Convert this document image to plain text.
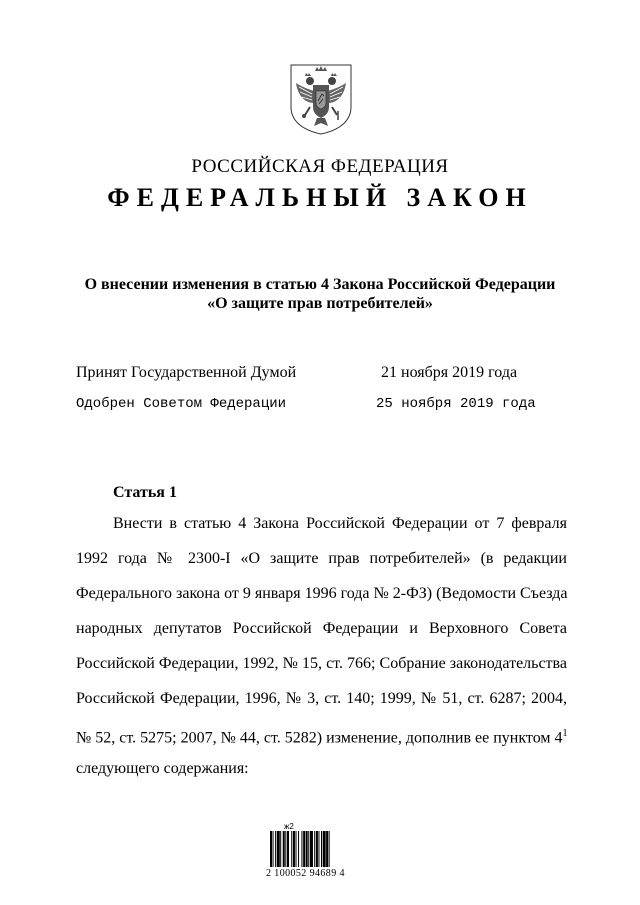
РОССИЙСКАЯ ФЕДЕРАЦИЯ
ФЕДЕРАЛЬНЫЙ ЗАКОН
О внесении изменения в статью 4 Закона Российской Федерации
«О защите прав потребителей»
Принят Государственной Думой	21 ноября 2019 года
Одобрен Советом Федерации	25 ноября 2019 года
Статья 1
Внести в статью 4 Закона Российской Федерации от 7 февраля
1992 года № 2300-I «О защите прав потребителей» (в редакции
Федерального закона от 9 января 1996 года № 2-ФЗ) (Ведомости Съезда
народных депутатов Российской Федерации и Верховного Совета
Российской Федерации, 1992, № 15, ст. 766; Собрание законодательства
Российской Федерации, 1996, № 3, ст. 140; 1999, № 51, ст. 6287; 2004,
№ 52, ст. 5275; 2007, № 44, ст. 5282) изменение, дополнив ее пунктом $4^1$
следующего содержания:
ж2
2 100052 94689 4
